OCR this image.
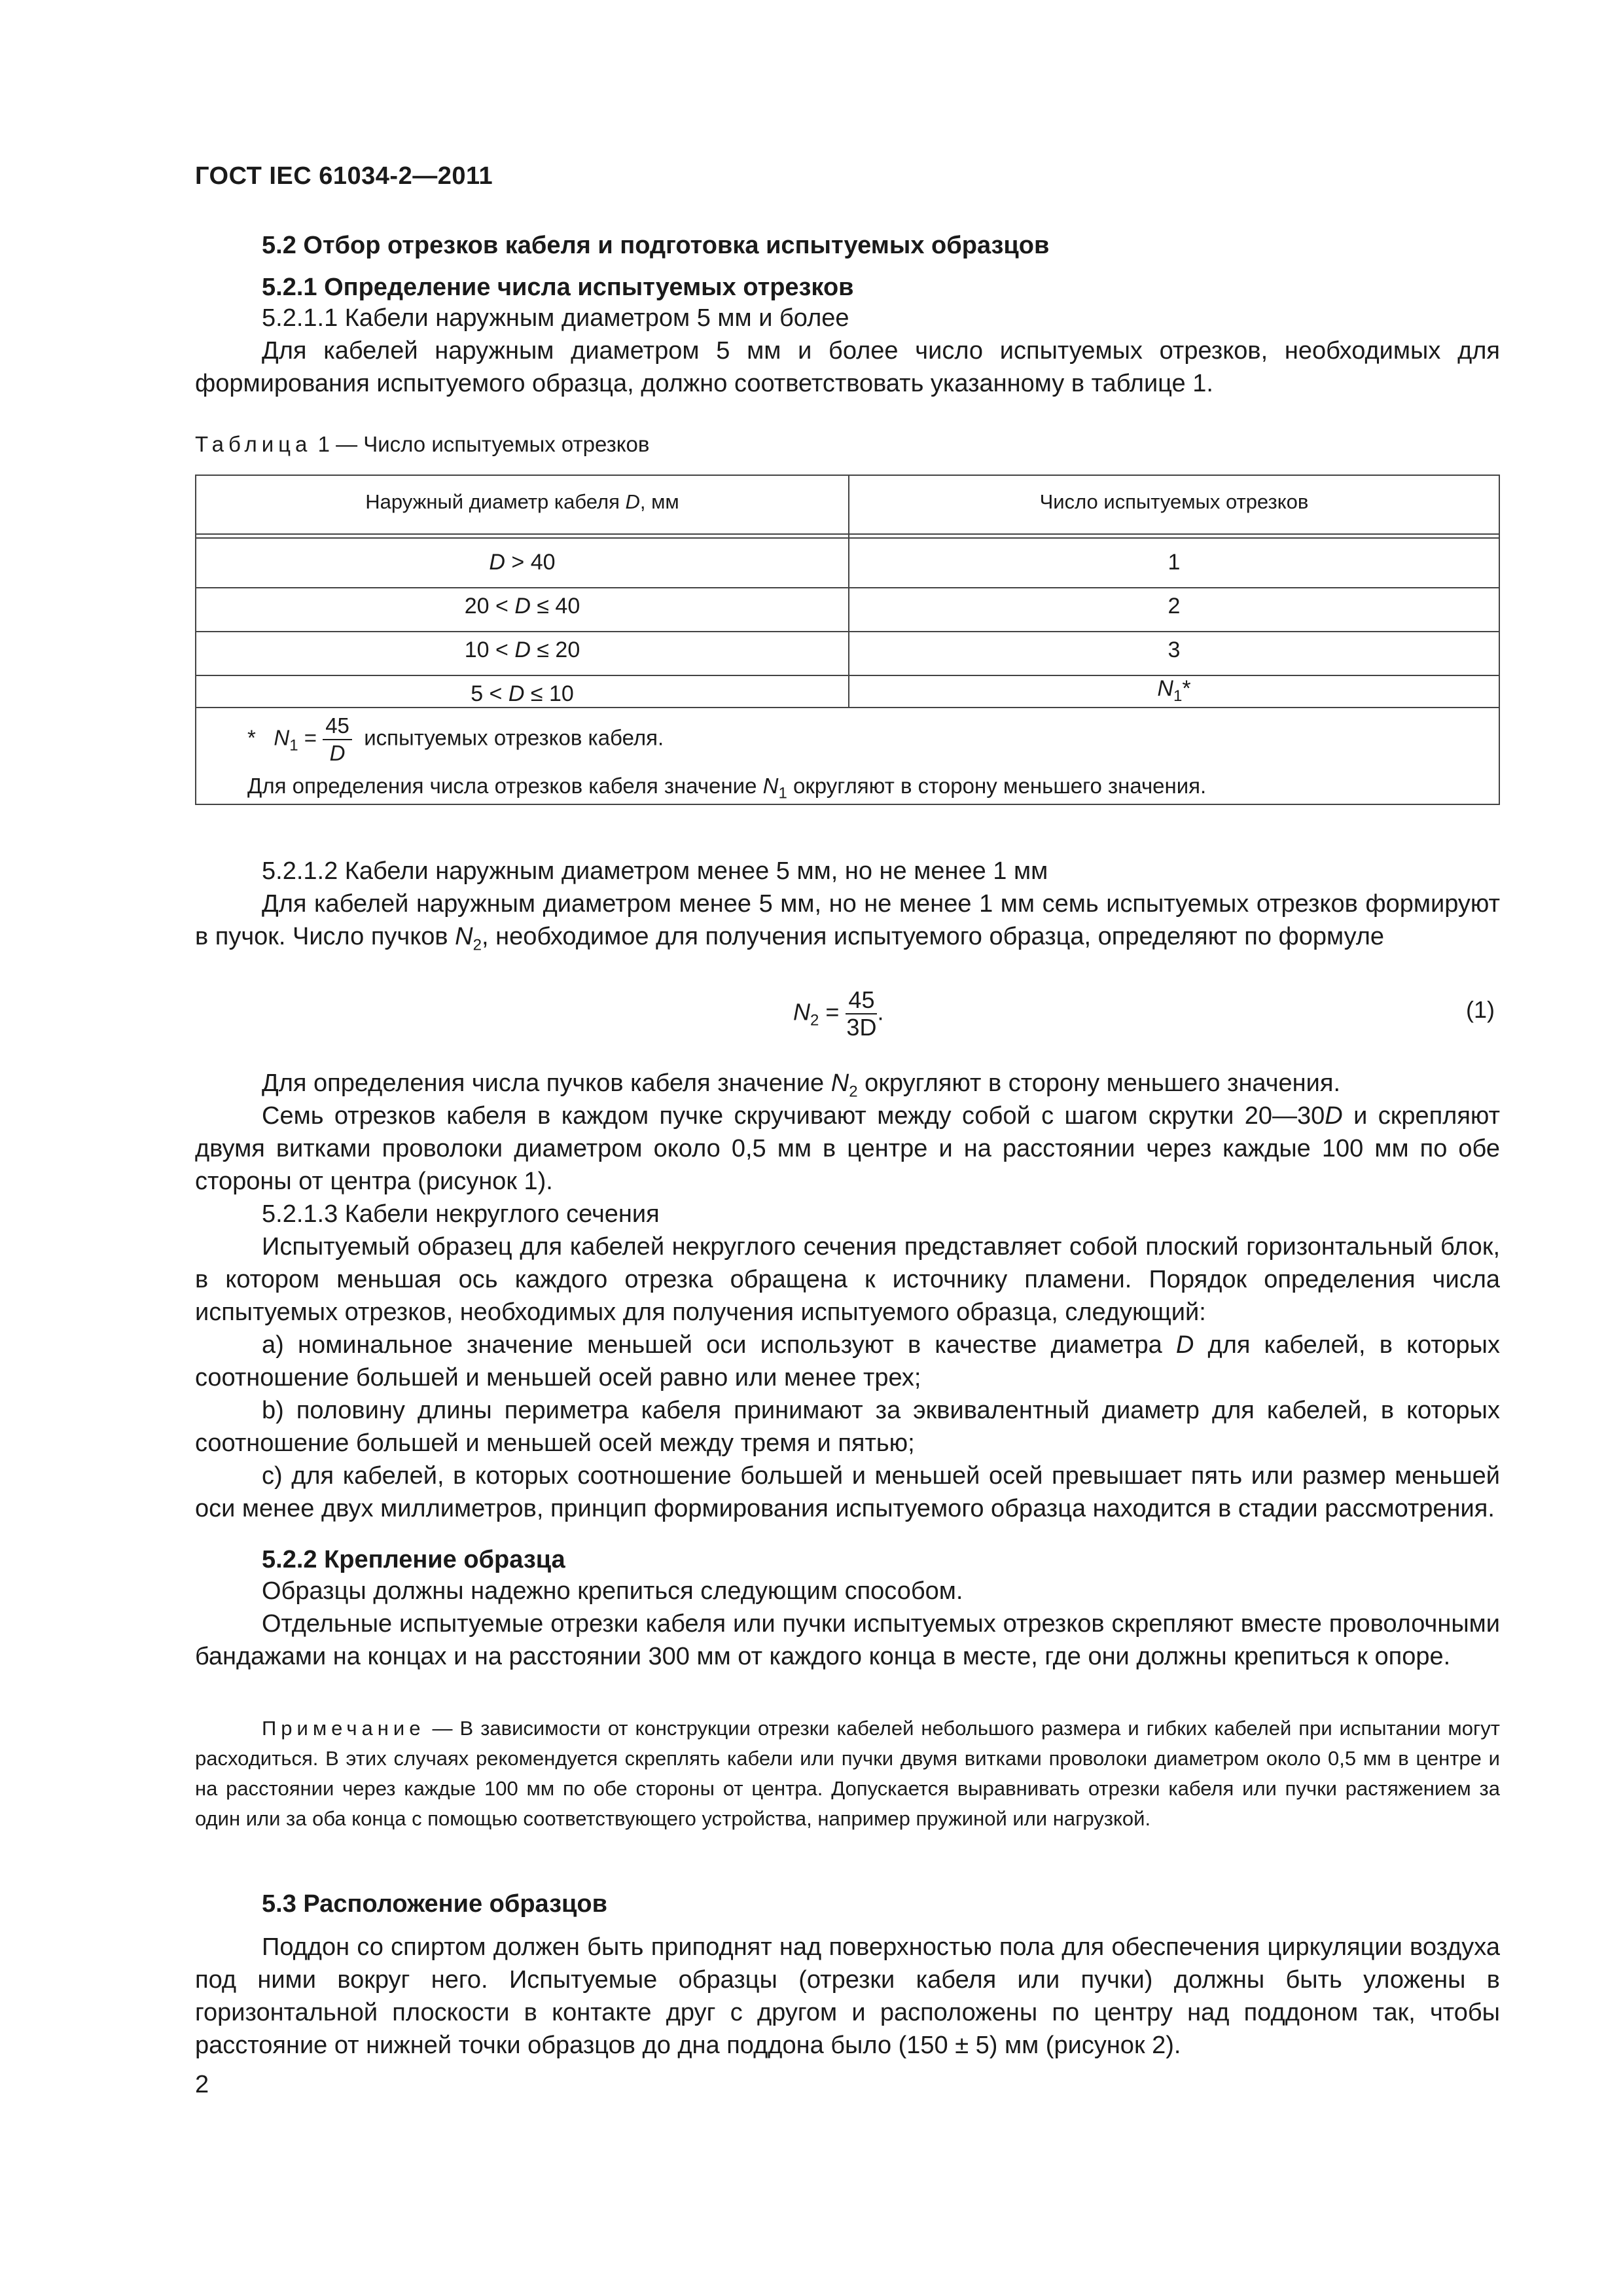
ГОСТ IEC 61034-2—2011
5.2 Отбор отрезков кабеля и подготовка испытуемых образцов
5.2.1 Определение числа испытуемых отрезков
5.2.1.1 Кабели наружным диаметром 5 мм и более
Для кабелей наружным диаметром 5 мм и более число испытуемых отрезков, необходимых для формирования испытуемого образца, должно соответствовать указанному в таблице 1.
Таблица 1 — Число испытуемых отрезков
Наружный диаметр кабеля D, мм	Число испытуемых отрезков
D > 40	1
20 < D ≤ 40	2
10 < D ≤ 20	3
5 < D ≤ 10	$N_1*$
* $N_1 = \frac{45}{D}$ испытуемых отрезков кабеля.
Для определения числа отрезков кабеля значение $N_1$ округляют в сторону меньшего значения.
5.2.1.2 Кабели наружным диаметром менее 5 мм, но не менее 1 мм
Для кабелей наружным диаметром менее 5 мм, но не менее 1 мм семь испытуемых отрезков формируют в пучок. Число пучков $N_2$, необходимое для получения испытуемого образца, определяют по формуле
$N_2 = \frac{45}{3D}$ .	(1)
Для определения числа пучков кабеля значение $N_2$ округляют в сторону меньшего значения.
Семь отрезков кабеля в каждом пучке скручивают между собой с шагом скрутки 20—30D и скрепляют двумя витками проволоки диаметром около 0,5 мм в центре и на расстоянии через каждые 100 мм по обе стороны от центра (рисунок 1).
5.2.1.3 Кабели некруглого сечения
Испытуемый образец для кабелей некруглого сечения представляет собой плоский горизонтальный блок, в котором меньшая ось каждого отрезка обращена к источнику пламени. Порядок определения числа испытуемых отрезков, необходимых для получения испытуемого образца, следующий:
a) номинальное значение меньшей оси используют в качестве диаметра D для кабелей, в которых соотношение большей и меньшей осей равно или менее трех;
b) половину длины периметра кабеля принимают за эквивалентный диаметр для кабелей, в которых соотношение большей и меньшей осей между тремя и пятью;
c) для кабелей, в которых соотношение большей и меньшей осей превышает пять или размер меньшей оси менее двух миллиметров, принцип формирования испытуемого образца находится в стадии рассмотрения.
5.2.2 Крепление образца
Образцы должны надежно крепиться следующим способом.
Отдельные испытуемые отрезки кабеля или пучки испытуемых отрезков скрепляют вместе проволочными бандажами на концах и на расстоянии 300 мм от каждого конца в месте, где они должны крепиться к опоре.
Примечание — В зависимости от конструкции отрезки кабелей небольшого размера и гибких кабелей при испытании могут расходиться. В этих случаях рекомендуется скреплять кабели или пучки двумя витками проволоки диаметром около 0,5 мм в центре и на расстоянии через каждые 100 мм по обе стороны от центра. Допускается выравнивать отрезки кабеля или пучки растяжением за один или за оба конца с помощью соответствующего устройства, например пружиной или нагрузкой.
5.3 Расположение образцов
Поддон со спиртом должен быть приподнят над поверхностью пола для обеспечения циркуляции воздуха под ними вокруг него. Испытуемые образцы (отрезки кабеля или пучки) должны быть уложены в горизонтальной плоскости в контакте друг с другом и расположены по центру над поддоном так, чтобы расстояние от нижней точки образцов до дна поддона было (150 ± 5) мм (рисунок 2).
2
